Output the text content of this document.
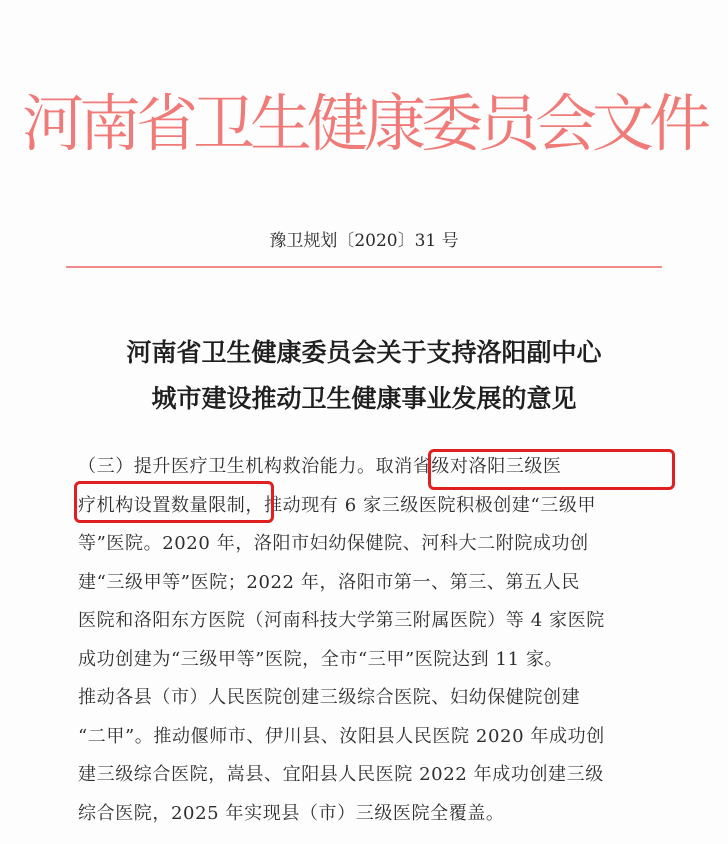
河南省卫生健康委员会文件
豫卫规划〔2020〕31 号
河南省卫生健康委员会关于支持洛阳副中心
城市建设推动卫生健康事业发展的意见
（三）提升医疗卫生机构救治能力。取消省级对洛阳三级医
疗机构设置数量限制，推动现有 6 家三级医院积极创建“三级甲
等”医院。2020 年，洛阳市妇幼保健院、河科大二附院成功创
建“三级甲等”医院；2022 年，洛阳市第一、第三、第五人民
医院和洛阳东方医院（河南科技大学第三附属医院）等 4 家医院
成功创建为“三级甲等”医院，全市“三甲”医院达到 11 家。
推动各县（市）人民医院创建三级综合医院、妇幼保健院创建
“二甲”。推动偃师市、伊川县、汝阳县人民医院 2020 年成功创
建三级综合医院，嵩县、宜阳县人民医院 2022 年成功创建三级
综合医院，2025 年实现县（市）三级医院全覆盖。
